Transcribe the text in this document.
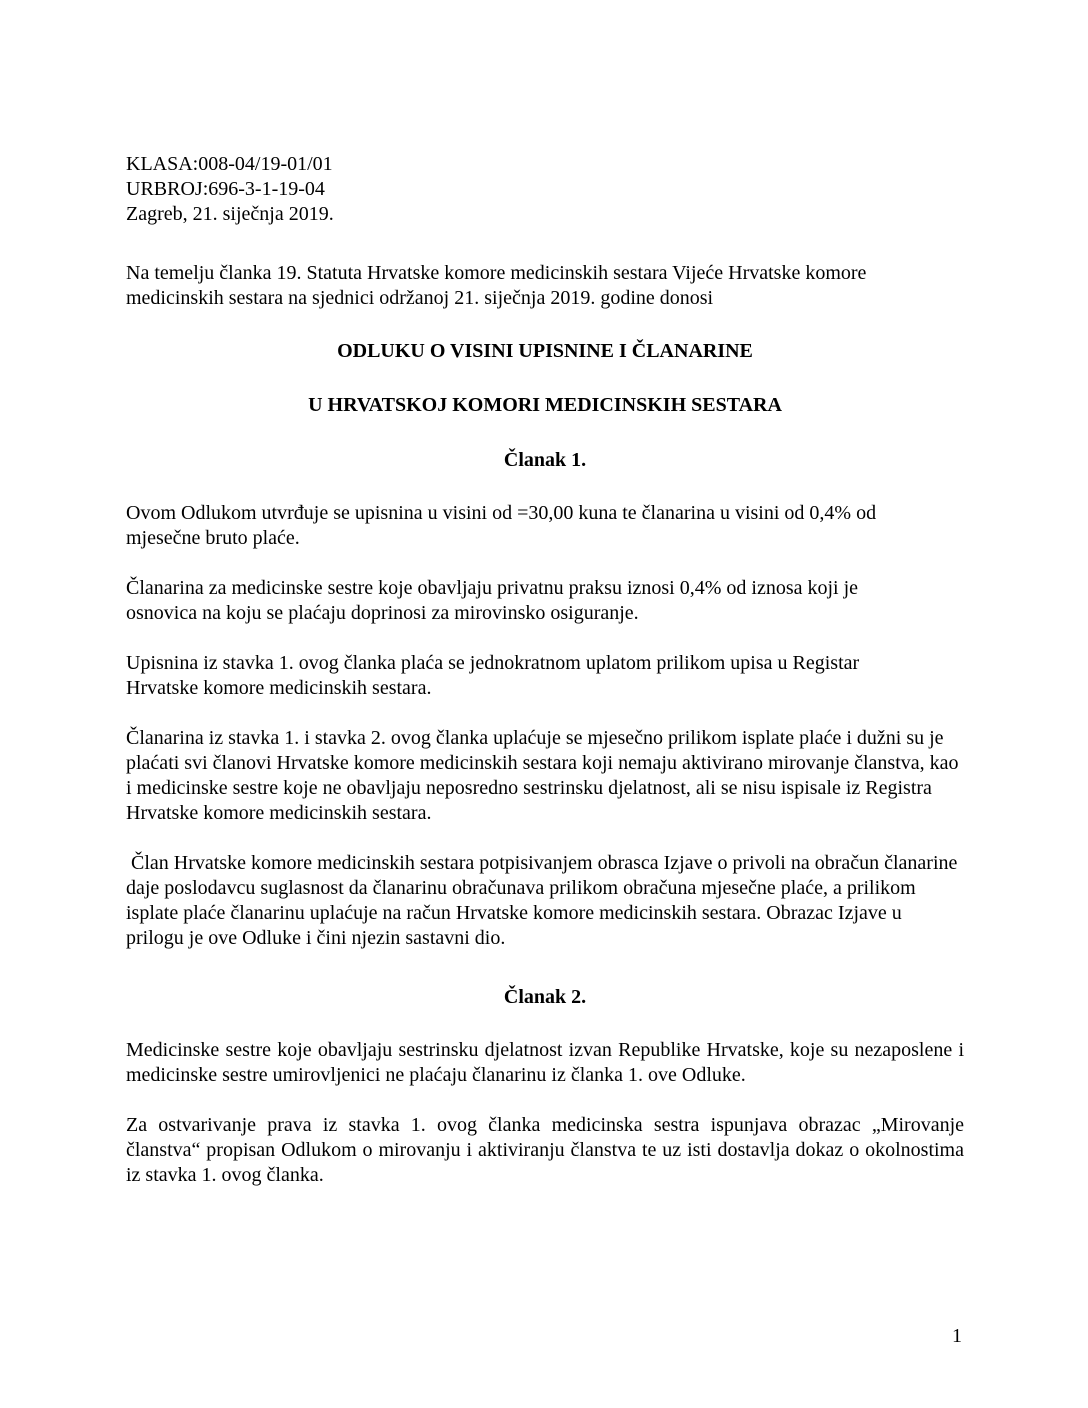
KLASA:008-04/19-01/01
URBROJ:696-3-1-19-04
Zagreb, 21. siječnja 2019.

Na temelju članka 19. Statuta Hrvatske komore medicinskih sestara Vijeće Hrvatske komore medicinskih sestara na sjednici održanoj 21. siječnja 2019. godine donosi

ODLUKU O VISINI UPISNINE I ČLANARINE

U HRVATSKOJ KOMORI MEDICINSKIH SESTARA

Članak 1.

Ovom Odlukom utvrđuje se upisnina u visini od =30,00 kuna te članarina u visini od 0,4% od mjesečne bruto plaće.

Članarina za medicinske sestre koje obavljaju privatnu praksu iznosi 0,4% od iznosa koji je osnovica na koju se plaćaju doprinosi za mirovinsko osiguranje.

Upisnina iz stavka 1. ovog članka plaća se jednokratnom uplatom prilikom upisa u Registar Hrvatske komore medicinskih sestara.

Članarina iz stavka 1. i stavka 2. ovog članka uplaćuje se mjesečno prilikom isplate plaće i dužni su je plaćati svi članovi Hrvatske komore medicinskih sestara koji nemaju aktivirano mirovanje članstva, kao i medicinske sestre koje ne obavljaju neposredno sestrinsku djelatnost, ali se nisu ispisale iz Registra Hrvatske komore medicinskih sestara.

Član Hrvatske komore medicinskih sestara potpisivanjem obrasca Izjave o privoli na obračun članarine daje poslodavcu suglasnost da članarinu obračunava prilikom obračuna mjesečne plaće, a prilikom isplate plaće članarinu uplaćuje na račun Hrvatske komore medicinskih sestara. Obrazac Izjave u prilogu je ove Odluke i čini njezin sastavni dio.

Članak 2.

Medicinske sestre koje obavljaju sestrinsku djelatnost izvan Republike Hrvatske, koje su nezaposlene i medicinske sestre umirovljenici ne plaćaju članarinu iz članka 1. ove Odluke.

Za ostvarivanje prava iz stavka 1. ovog članka medicinska sestra ispunjava obrazac „Mirovanje članstva“ propisan Odlukom o mirovanju i aktiviranju članstva te uz isti dostavlja dokaz o okolnostima iz stavka 1. ovog članka.

1
